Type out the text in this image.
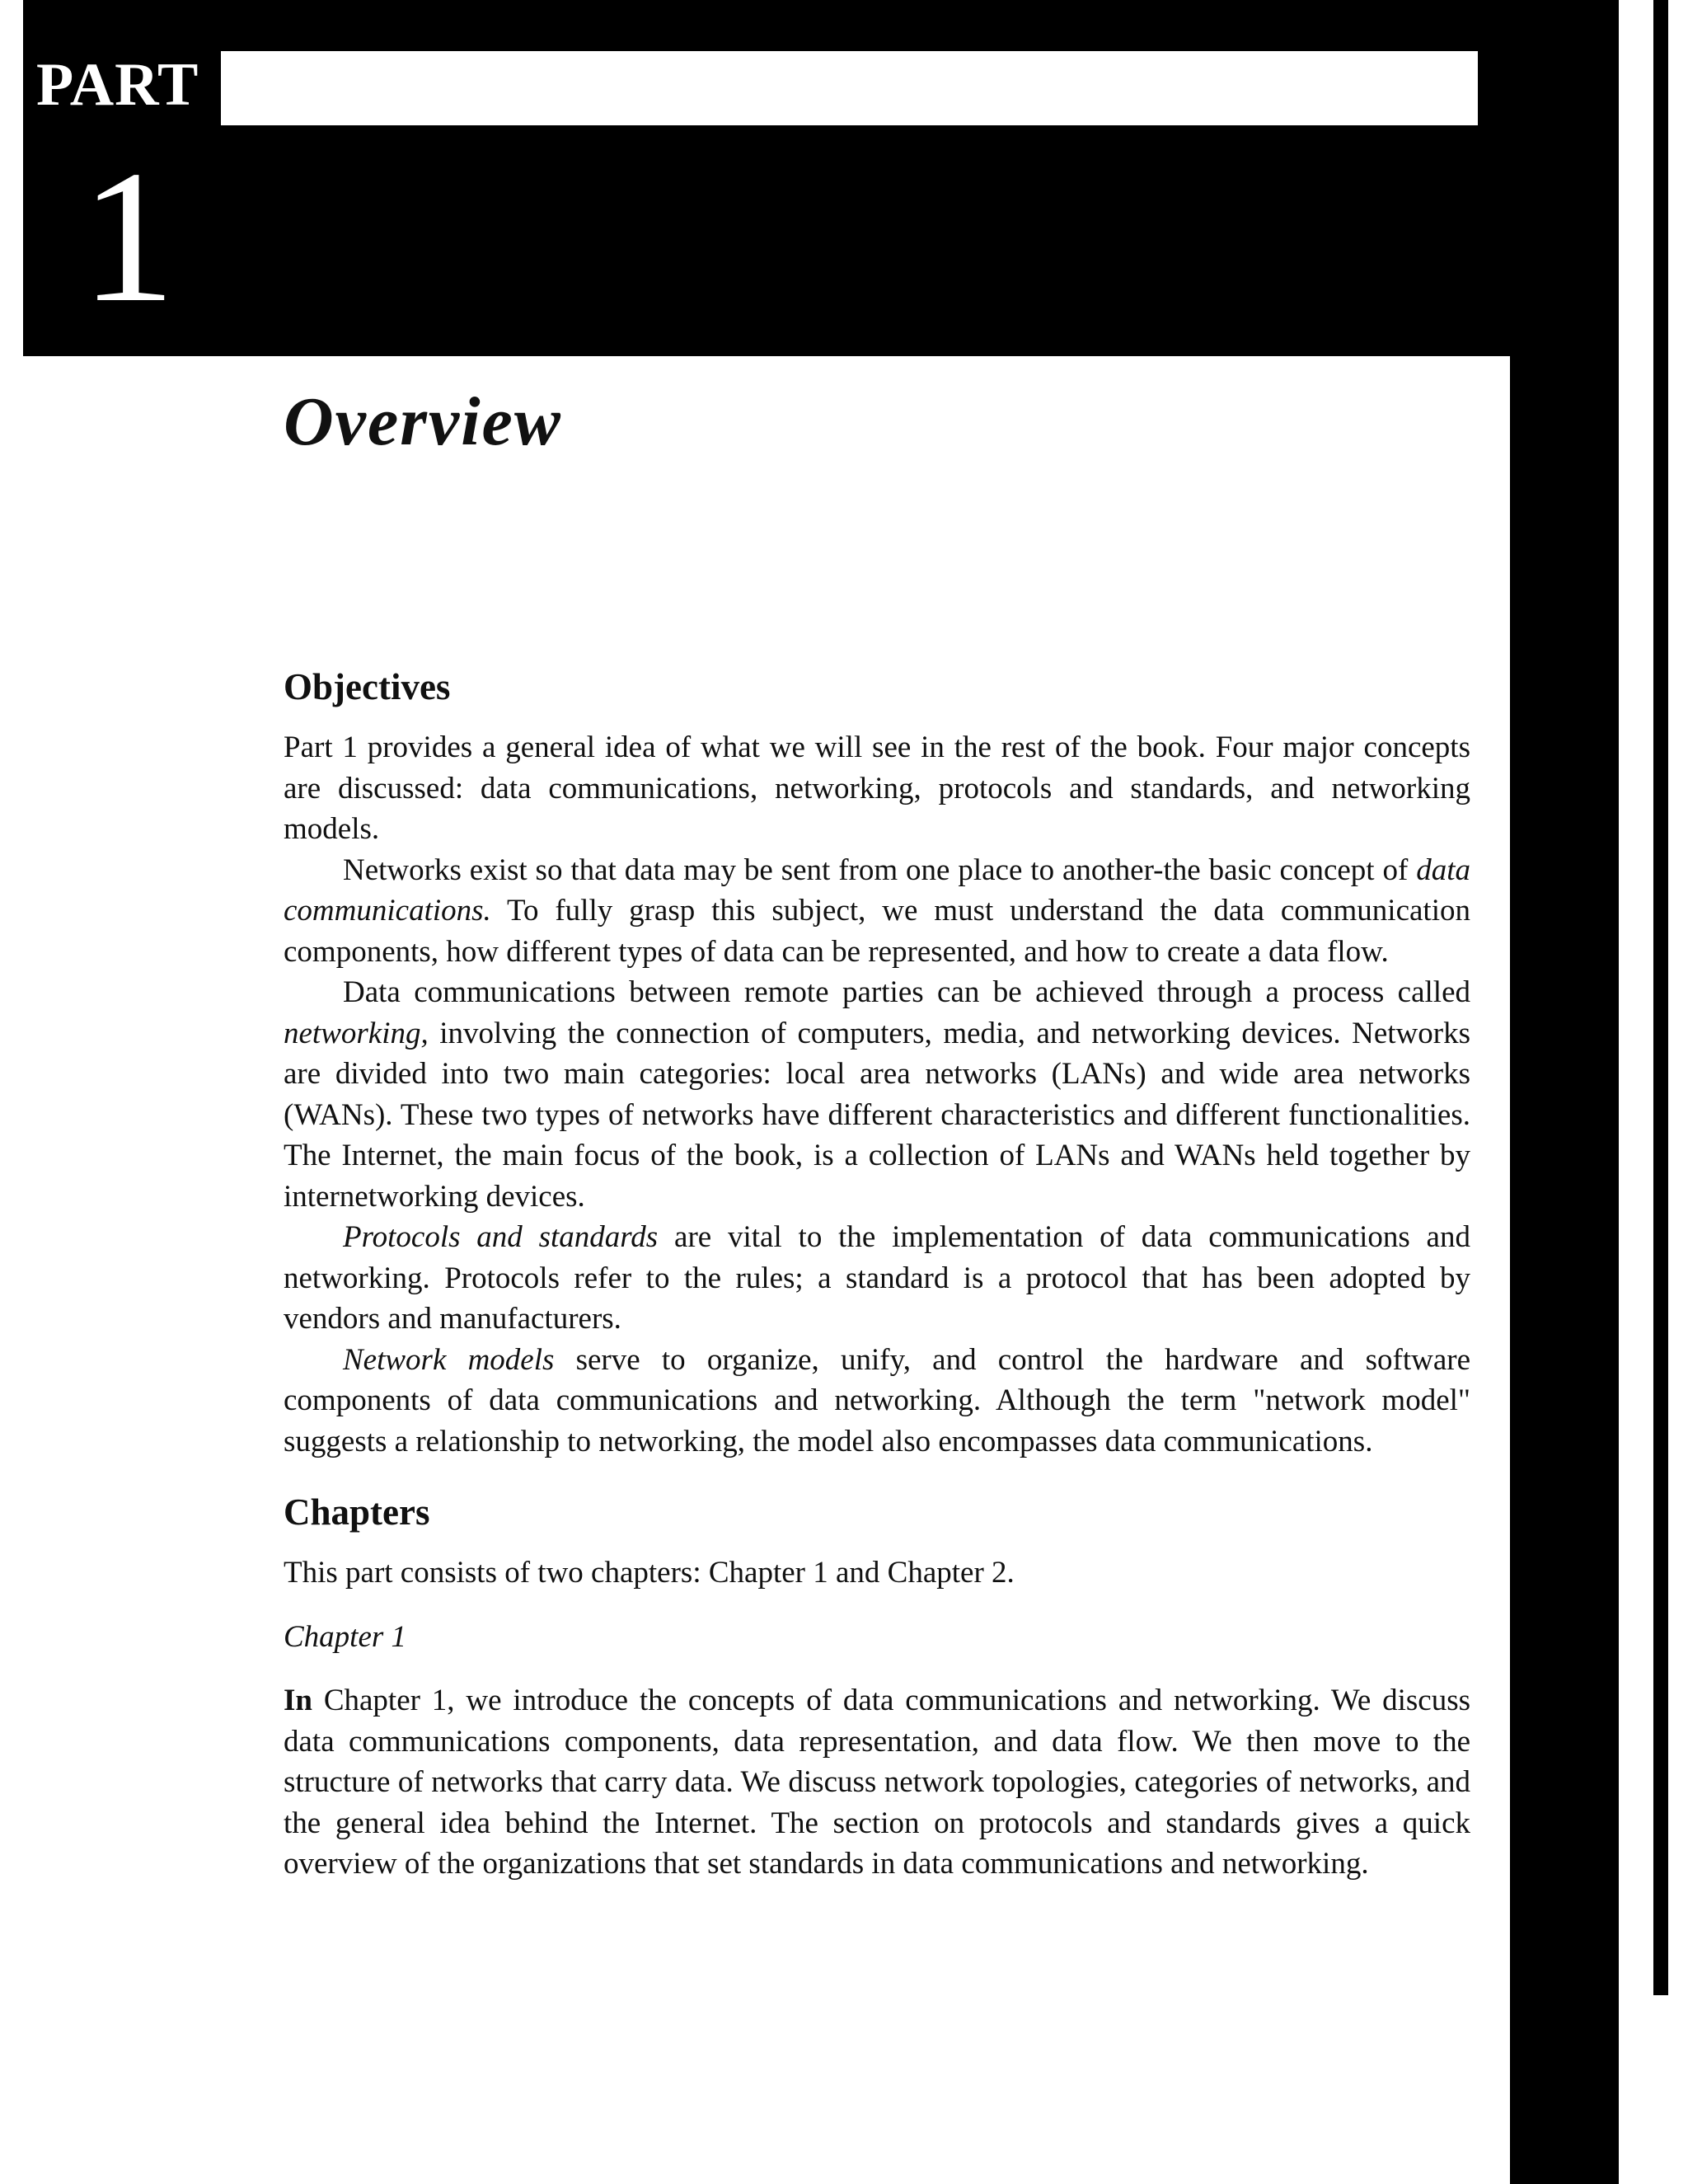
PART
1
Overview
Objectives

Part 1 provides a general idea of what we will see in the rest of the book. Four major concepts are discussed: data communications, networking, protocols and standards, and networking models.

Networks exist so that data may be sent from one place to another-the basic concept of data communications. To fully grasp this subject, we must understand the data communication components, how different types of data can be represented, and how to create a data flow.

Data communications between remote parties can be achieved through a process called networking, involving the connection of computers, media, and networking devices. Networks are divided into two main categories: local area networks (LANs) and wide area networks (WANs). These two types of networks have different characteristics and different functionalities. The Internet, the main focus of the book, is a collection of LANs and WANs held together by internetworking devices.

Protocols and standards are vital to the implementation of data communications and networking. Protocols refer to the rules; a standard is a protocol that has been adopted by vendors and manufacturers.

Network models serve to organize, unify, and control the hardware and software components of data communications and networking. Although the term "network model" suggests a relationship to networking, the model also encompasses data communications.

Chapters

This part consists of two chapters: Chapter 1 and Chapter 2.

Chapter 1

In Chapter 1, we introduce the concepts of data communications and networking. We discuss data communications components, data representation, and data flow. We then move to the structure of networks that carry data. We discuss network topologies, categories of networks, and the general idea behind the Internet. The section on protocols and standards gives a quick overview of the organizations that set standards in data communications and networking.
